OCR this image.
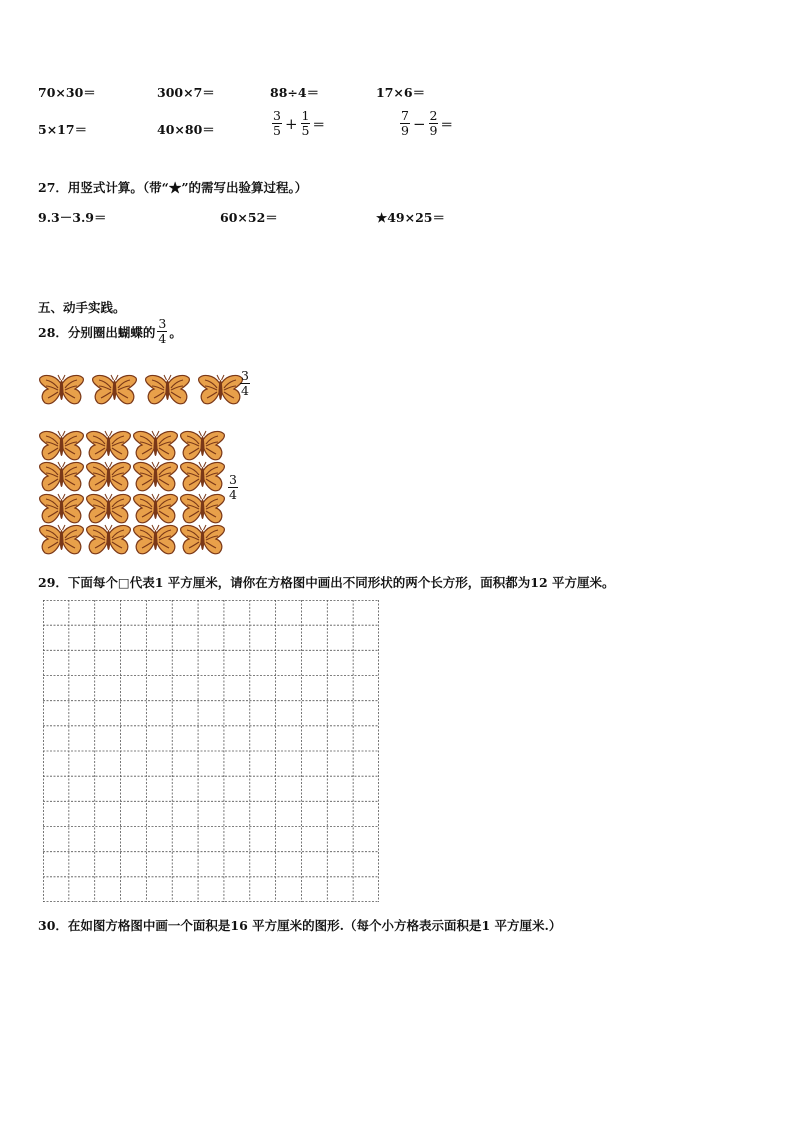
70×30＝	300×7＝	88÷4＝	17×6＝
5×17＝	40×80＝	$\frac{3}{5} + \frac{1}{5}$ ＝	$\frac{7}{9} - \frac{2}{9}$ ＝
27．用竖式计算。（带“★”的需写出验算过程。）
9.3－3.9＝	60×52＝	★49×25＝
五、动手实践。
28．分别圈出蝴蝶的 $\frac{3}{4}$ 。
$\frac{3}{4}$
$\frac{3}{4}$
29．下面每个□代表1 平方厘米，请你在方格图中画出不同形状的两个长方形，面积都为12 平方厘米。
30．在如图方格图中画一个面积是16 平方厘米的图形.（每个小方格表示面积是1 平方厘米.）
